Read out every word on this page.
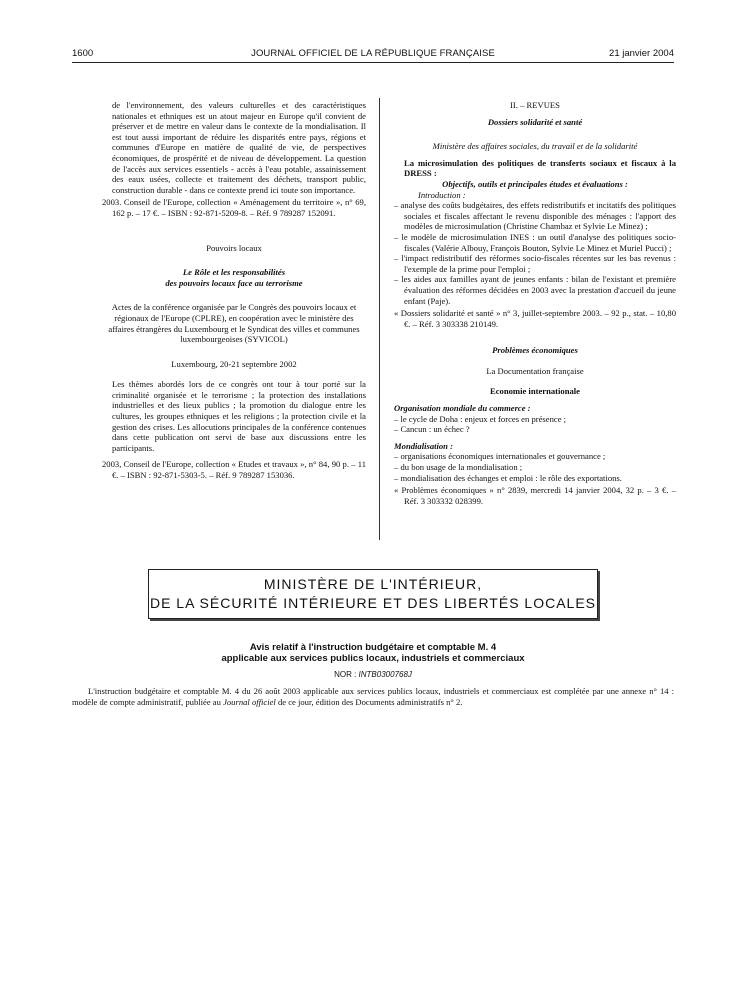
1600	JOURNAL OFFICIEL DE LA RÉPUBLIQUE FRANÇAISE	21 janvier 2004

de l'environnement, des valeurs culturelles et des caractéristiques nationales et ethniques est un atout majeur en Europe qu'il convient de préserver et de mettre en valeur dans le contexte de la mondialisation. Il est tout aussi important de réduire les disparités entre pays, régions et communes d'Europe en matière de qualité de vie, de perspectives économiques, de prospérité et de niveau de développement. La question de l'accès aux services essentiels - accès à l'eau potable, assainissement des eaux usées, collecte et traitement des déchets, transport public, construction durable - dans ce contexte prend ici toute son importance.

2003. Conseil de l'Europe, collection « Aménagement du territoire », n° 69, 162 p. – 17 €. – ISBN : 92-871-5209-8. – Réf. 9 789287 152091.

Pouvoirs locaux

Le Rôle et les responsabilités

des pouvoirs locaux face au terrorisme

Actes de la conférence organisée par le Congrès des pouvoirs locaux et régionaux de l'Europe (CPLRE), en coopération avec le ministère des affaires étrangères du Luxembourg et le Syndicat des villes et communes luxembourgeoises (SYVICOL)

Luxembourg, 20-21 septembre 2002

Les thèmes abordés lors de ce congrès ont tour à tour porté sur la criminalité organisée et le terrorisme ; la protection des installations industrielles et des lieux publics ; la promotion du dialogue entre les cultures, les groupes ethniques et les religions ; la protection civile et la gestion des crises. Les allocutions principales de la conférence contenues dans cette publication ont servi de base aux discussions entre les participants.

2003, Conseil de l'Europe, collection « Etudes et travaux », n° 84, 90 p. – 11 €. – ISBN : 92-871-5303-5. – Réf. 9 789287 153036.

II. – REVUES

Dossiers solidarité et santé

Ministère des affaires sociales, du travail et de la solidarité

La microsimulation des politiques de transferts sociaux et fiscaux à la DRESS :

Objectifs, outils et principales études et évaluations :

Introduction :

– analyse des coûts budgétaires, des effets redistributifs et incitatifs des politiques sociales et fiscales affectant le revenu disponible des ménages : l'apport des modèles de microsimulation (Christine Chambaz et Sylvie Le Minez) ;
– le modèle de microsimulation INES : un outil d'analyse des politiques socio-fiscales (Valérie Albouy, François Bouton, Sylvie Le Minez et Muriel Pucci) ;
– l'impact redistributif des réformes socio-fiscales récentes sur les bas revenus : l'exemple de la prime pour l'emploi ;
– les aides aux familles ayant de jeunes enfants : bilan de l'existant et première évaluation des réformes décidées en 2003 avec la prestation d'accueil du jeune enfant (Paje).

« Dossiers solidarité et santé » n° 3, juillet-septembre 2003. – 92 p., stat. – 10,80 €. – Réf. 3 303338 210149.

Problèmes économiques

La Documentation française

Economie internationale

Organisation mondiale du commerce :

– le cycle de Doha : enjeux et forces en présence ;
– Cancun : un échec ?

Mondialisation :

– organisations économiques internationales et gouvernance ;
– du bon usage de la mondialisation ;
– mondialisation des échanges et emploi : le rôle des exportations.

« Problèmes économiques » n° 2839, mercredi 14 janvier 2004, 32 p. – 3 €. – Réf. 3 303332 028399.

MINISTÈRE DE L'INTÉRIEUR,
DE LA SÉCURITÉ INTÉRIEURE ET DES LIBERTÉS LOCALES
Avis relatif à l'instruction budgétaire et comptable M. 4
applicable aux services publics locaux, industriels et commerciaux
NOR : INTB0300768J

L'instruction budgétaire et comptable M. 4 du 26 août 2003 applicable aux services publics locaux, industriels et commerciaux est complétée par une annexe n° 14 : modèle de compte administratif, publiée au Journal officiel de ce jour, édition des Documents administratifs n° 2.
